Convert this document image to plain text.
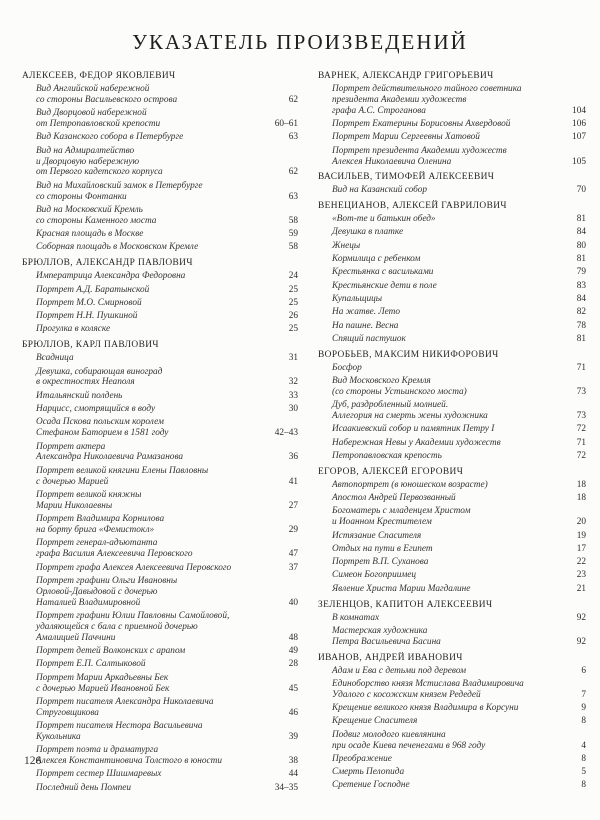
УКАЗАТЕЛЬ ПРОИЗВЕДЕНИЙ
АЛЕКСЕЕВ, ФЕДОР ЯКОВЛЕВИЧ
Вид Английской набережной
со стороны Васильевского острова	62
Вид Дворцовой набережной
от Петропавловской крепости	60–61
Вид Казанского собора в Петербурге	63
Вид на Адмиралтейство
и Дворцовую набережную
от Первого кадетского корпуса	62
Вид на Михайловский замок в Петербурге
со стороны Фонтанки	63
Вид на Московский Кремль
со стороны Каменного моста	58
Красная площадь в Москве	59
Соборная площадь в Московском Кремле	58
БРЮЛЛОВ, АЛЕКСАНДР ПАВЛОВИЧ
Императрица Александра Федоровна	24
Портрет А.Д. Баратынской	25
Портрет М.О. Смирновой	25
Портрет Н.Н. Пушкиной	26
Прогулка в коляске	25
БРЮЛЛОВ, КАРЛ ПАВЛОВИЧ
Всадница	31
Девушка, собирающая виноград
в окрестностях Неаполя	32
Итальянский полдень	33
Нарцисс, смотрящийся в воду	30
Осада Пскова польским королем
Стефаном Баторием в 1581 году	42–43
Портрет актера
Александра Николаевича Рамазанова	36
Портрет великой княгини Елены Павловны
с дочерью Марией	41
Портрет великой княжны
Марии Николаевны	27
Портрет Владимира Корнилова
на борту брига «Фемистокл»	29
Портрет генерал-адъютанта
графа Василия Алексеевича Перовского	47
Портрет графа Алексея Алексеевича Перовского	37
Портрет графини Ольги Ивановны
Орловой-Давыдовой с дочерью
Наталией Владимировной	40
Портрет графини Юлии Павловны Самойловой,
удаляющейся с бала с приемной дочерью
Амалицией Паччини	48
Портрет детей Волконских с арапом	49
Портрет Е.П. Салтыковой	28
Портрет Марии Аркадьевны Бек
с дочерью Марией Ивановной Бек	45
Портрет писателя Александра Николаевича
Струговщикова	46
Портрет писателя Нестора Васильевича
Кукольника	39
Портрет поэта и драматурга
Алексея Константиновича Толстого в юности	38
Портрет сестер Шишмаревых	44
Последний день Помпеи	34–35
ВАРНЕК, АЛЕКСАНДР ГРИГОРЬЕВИЧ
Портрет действительного тайного советника
президента Академии художеств
графа А.С. Строганова	104
Портрет Екатерины Борисовны Ахвердовой	106
Портрет Марии Сергеевны Хатовой	107
Портрет президента Академии художеств
Алексея Николаевича Оленина	105
ВАСИЛЬЕВ, ТИМОФЕЙ АЛЕКСЕЕВИЧ
Вид на Казанский собор	70
ВЕНЕЦИАНОВ, АЛЕКСЕЙ ГАВРИЛОВИЧ
«Вот-те и батькин обед»	81
Девушка в платке	84
Жнецы	80
Кормилица с ребенком	81
Крестьянка с васильками	79
Крестьянские дети в поле	83
Купальщицы	84
На жатве. Лето	82
На пашне. Весна	78
Спящий пастушок	81
ВОРОБЬЕВ, МАКСИМ НИКИФОРОВИЧ
Босфор	71
Вид Московского Кремля
(со стороны Устьинского моста)	73
Дуб, раздробленный молнией.
Аллегория на смерть жены художника	73
Исаакиевский собор и памятник Петру I	72
Набережная Невы у Академии художеств	71
Петропавловская крепость	72
ЕГОРОВ, АЛЕКСЕЙ ЕГОРОВИЧ
Автопортрет (в юношеском возрасте)	18
Апостол Андрей Первозванный	18
Богоматерь с младенцем Христом
и Иоанном Крестителем	20
Истязание Спасителя	19
Отдых на пути в Египет	17
Портрет В.П. Суханова	22
Симеон Богоприимец	23
Явление Христа Марии Магдалине	21
ЗЕЛЕНЦОВ, КАПИТОН АЛЕКСЕЕВИЧ
В комнатах	92
Мастерская художника
Петра Васильевича Басина	92
ИВАНОВ, АНДРЕЙ ИВАНОВИЧ
Адам и Ева с детьми под деревом	6
Единоборство князя Мстислава Владимировича
Удалого с косожским князем Редедей	7
Крещение великого князя Владимира в Корсуни	9
Крещение Спасителя	8
Подвиг молодого киевлянина
при осаде Киева печенегами в 968 году	4
Преображение	8
Смерть Пелопида	5
Сретение Господне	8
126
